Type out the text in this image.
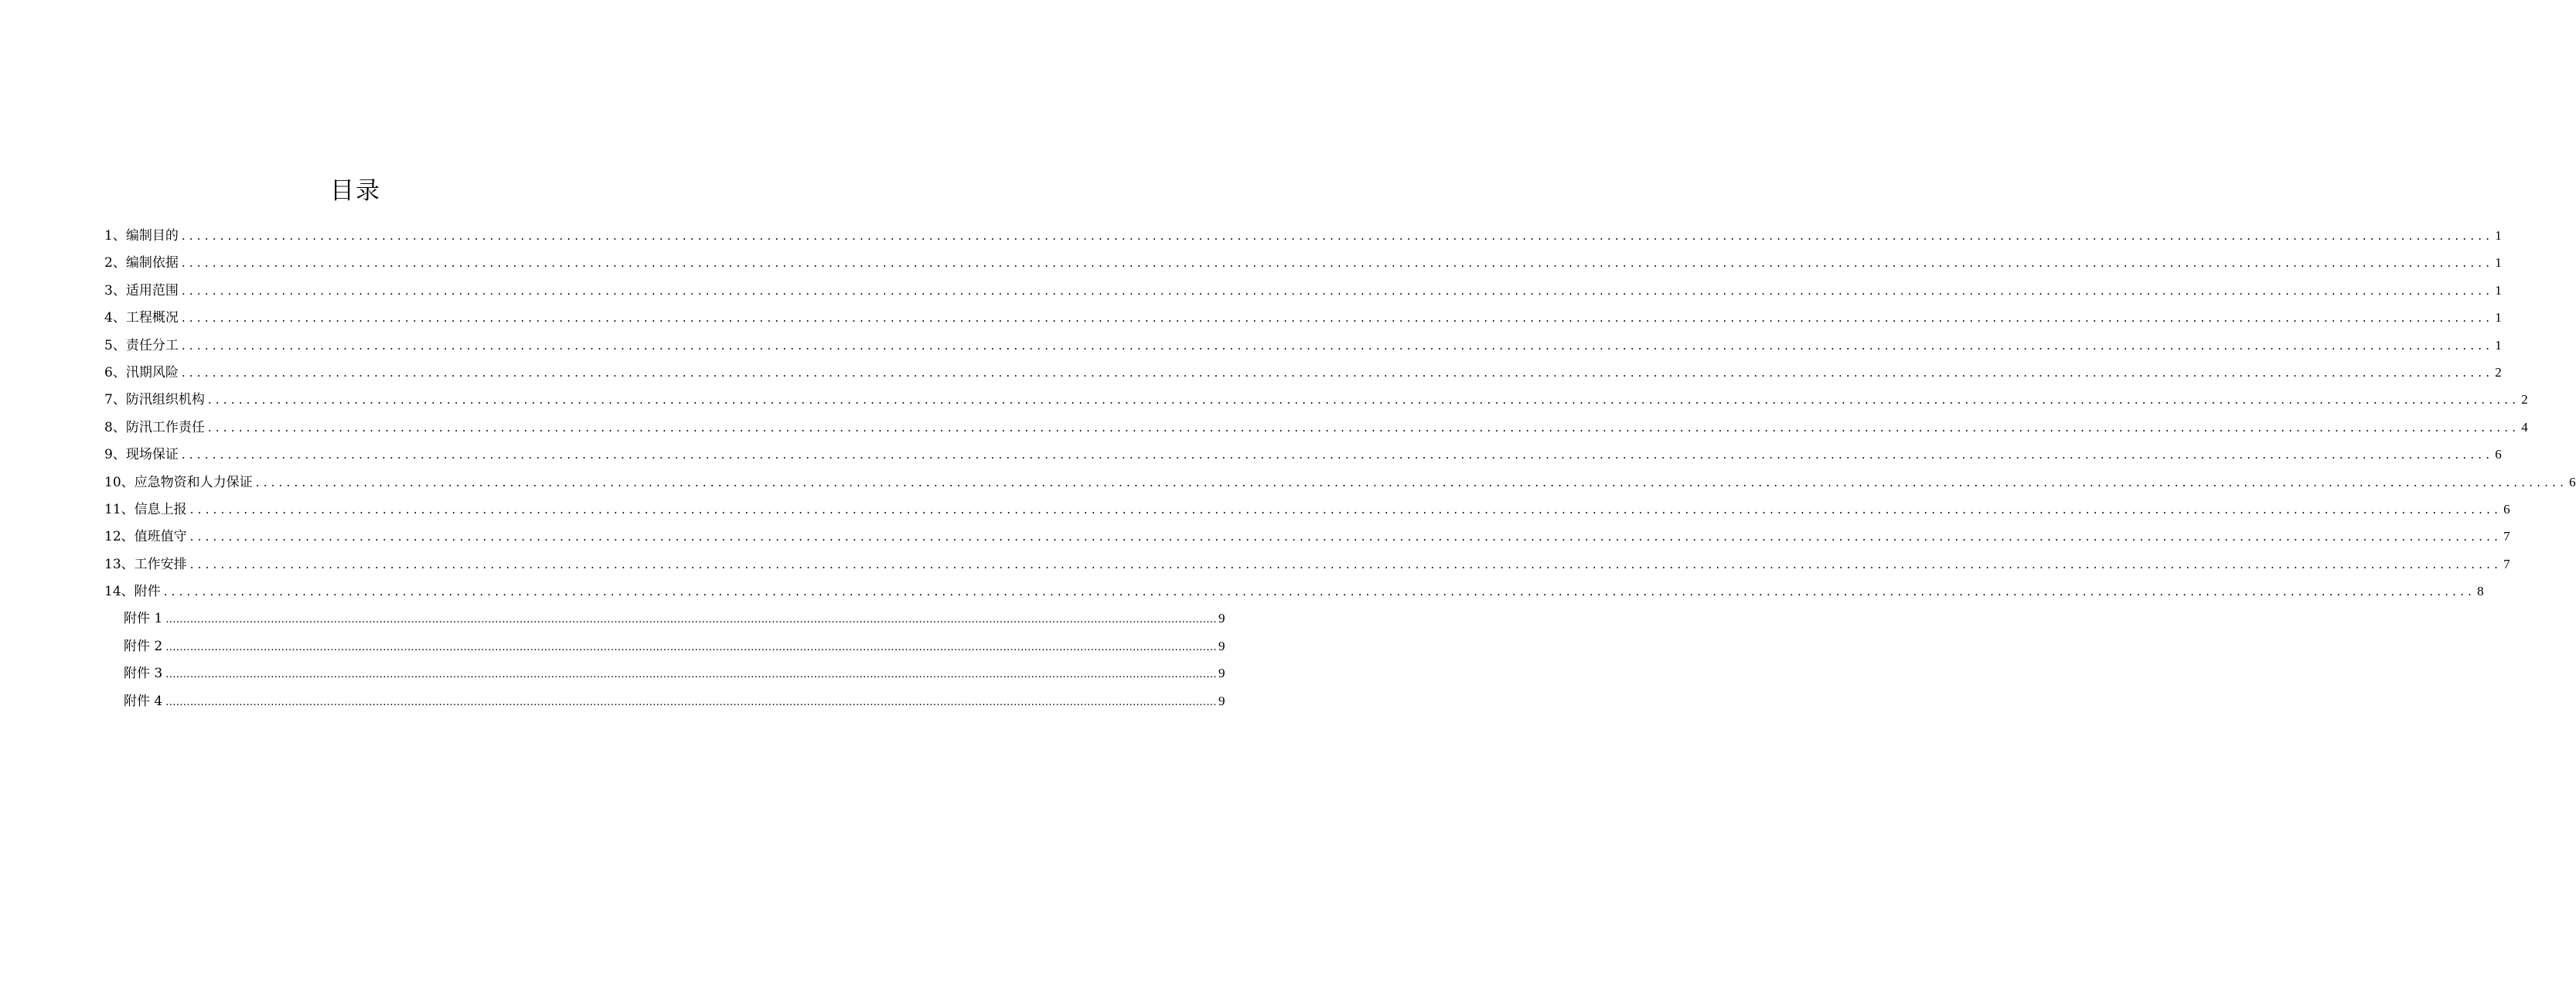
目录
1、编制目的 ............................................................................................................................................................................................................................................................................................................ 1
2、编制依据 ............................................................................................................................................................................................................................................................................................................ 1
3、适用范围 ............................................................................................................................................................................................................................................................................................................ 1
4、工程概况 ............................................................................................................................................................................................................................................................................................................ 1
5、责任分工 ............................................................................................................................................................................................................................................................................................................ 1
6、汛期风险 ............................................................................................................................................................................................................................................................................................................ 2
7、防汛组织机构 ............................................................................................................................................................................................................................................................................................................ 2
8、防汛工作责任 ............................................................................................................................................................................................................................................................................................................ 4
9、现场保证 ............................................................................................................................................................................................................................................................................................................ 6
10、应急物资和人力保证 ............................................................................................................................................................................................................................................................................................................ 6
11、信息上报 ............................................................................................................................................................................................................................................................................................................ 6
12、值班值守 ............................................................................................................................................................................................................................................................................................................ 7
13、工作安排 ............................................................................................................................................................................................................................................................................................................ 7
14、附件 ............................................................................................................................................................................................................................................................................................................ 8
附件 1 ............................................................................................................................................................................................................................................................................................................ 9
附件 2 ............................................................................................................................................................................................................................................................................................................ 9
附件 3 ............................................................................................................................................................................................................................................................................................................ 9
附件 4 ............................................................................................................................................................................................................................................................................................................ 9
